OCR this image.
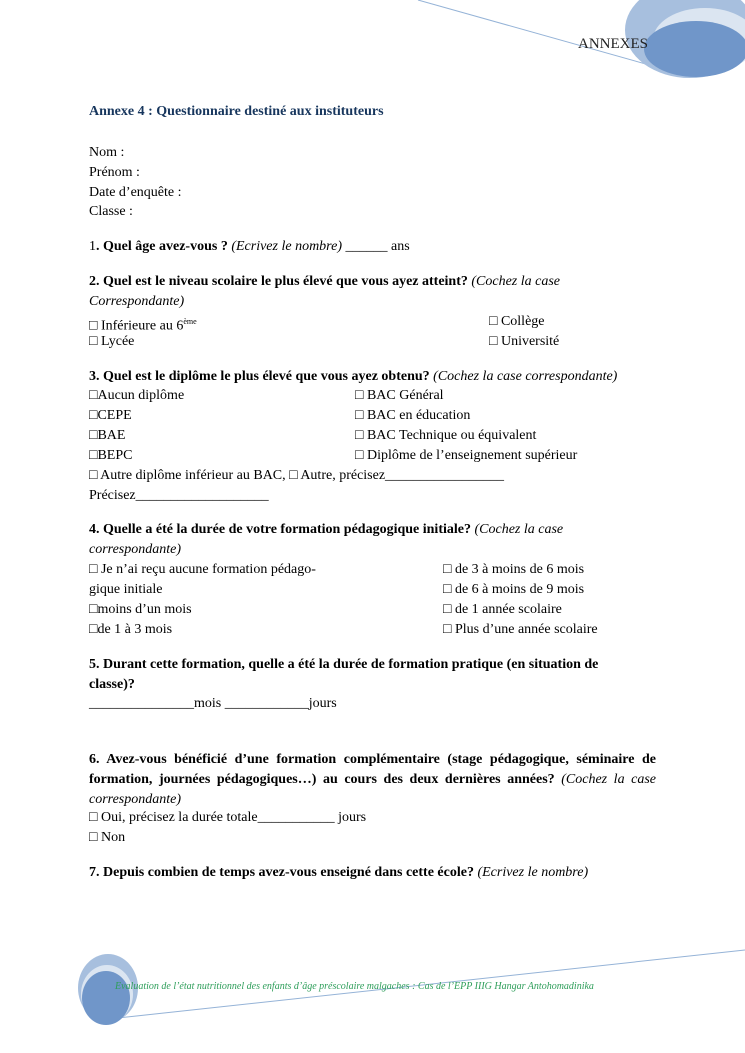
ANNEXES
Annexe 4 : Questionnaire destiné aux instituteurs
Nom :
Prénom :
Date d’enquête :
Classe :
1. Quel âge avez-vous ? (Ecrivez le nombre) ______ ans
2. Quel est le niveau scolaire le plus élevé que vous ayez atteint? (Cochez la case
Correspondante)
□ Inférieure au 6ème	□ Collège
□ Lycée	□ Université
3. Quel est le diplôme le plus élevé que vous ayez obtenu? (Cochez la case correspondante)
□Aucun diplôme
□CEPE
□BAE
□BEPC
□ BAC Général
□ BAC en éducation
□ BAC Technique ou équivalent
□ Diplôme de l’enseignement supérieur
□ Autre diplôme inférieur au BAC, □ Autre, précisez_________________
Précisez___________________
4. Quelle a été la durée de votre formation pédagogique initiale? (Cochez la case
correspondante)
□ Je n’ai reçu aucune formation pédago-
gique initiale
□moins d’un mois
□de 1 à 3 mois
□ de 3 à moins de 6 mois
□ de 6 à moins de 9 mois
□ de 1 année scolaire
□ Plus d’une année scolaire
5. Durant cette formation, quelle a été la durée de formation pratique (en situation de
classe)?
_______________mois ____________jours
6. Avez-vous bénéficié d’une formation complémentaire (stage pédagogique, séminaire de formation, journées pédagogiques…) au cours des deux dernières années? (Cochez la case correspondante)
□ Oui, précisez la durée totale___________ jours
□ Non
7. Depuis combien de temps avez-vous enseigné dans cette école? (Ecrivez le nombre)
Evaluation de l’état nutritionnel des enfants d’âge préscolaire malgaches : Cas de l’EPP IIIG Hangar Antohomadinika
